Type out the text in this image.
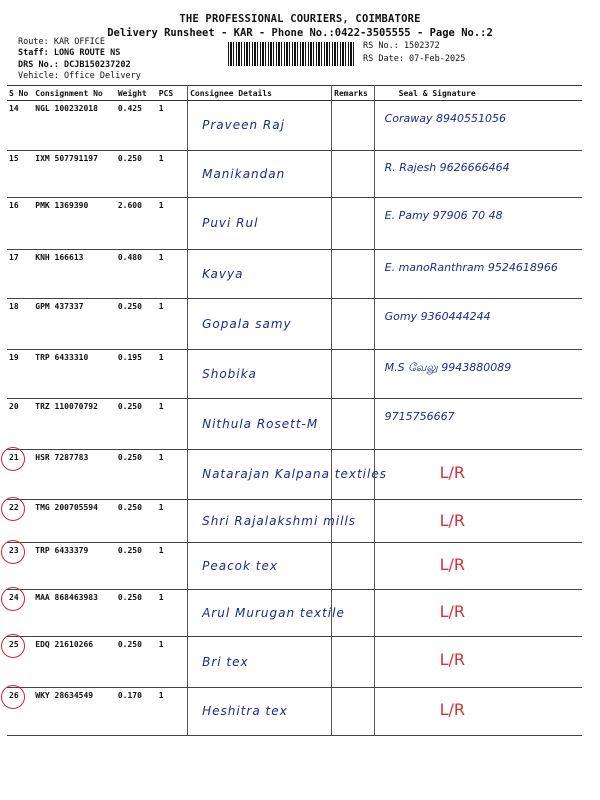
THE PROFESSIONAL COURIERS, COIMBATORE
Delivery Runsheet - KAR - Phone No.:0422-3505555 - Page No.:2
Route: KAR OFFICE
Staff: LONG ROUTE NS
DRS No.: DCJB150237202
Vehicle: Office Delivery
RS No.: 1502372
RS Date: 07-Feb-2025
S No	Consignment No	Weight	PCS	Consignee Details	Remarks	Seal & Signature
14	NGL 100232018	0.425	1	Praveen Raj		Coraway 8940551056

15	IXM 507791197	0.250	1	Manikandan		R. Rajesh 9626666464

16	PMK 1369390	2.600	1	Puvi Rul		E. Pamy 97906 70 48

17	KNH 166613	0.480	1	Kavya		E. manoRanthram 9524618966

18	GPM 437337	0.250	1	Gopala samy		Gomy 9360444244

19	TRP 6433310	0.195	1	Shobika		M.S வேலு 9943880089

20	TRZ 110070792	0.250	1	Nithula Rosett-M		9715756667

21	HSR 7287783	0.250	1	Natarajan Kalpana textiles		L/R

22	TMG 200705594	0.250	1	Shri Rajalakshmi mills		L/R

23	TRP 6433379	0.250	1	Peacok tex		L/R

24	MAA 868463983	0.250	1	Arul Murugan textile		L/R

25	EDQ 21610266	0.250	1	Bri tex		L/R

26	WKY 28634549	0.170	1	Heshitra tex		L/R
